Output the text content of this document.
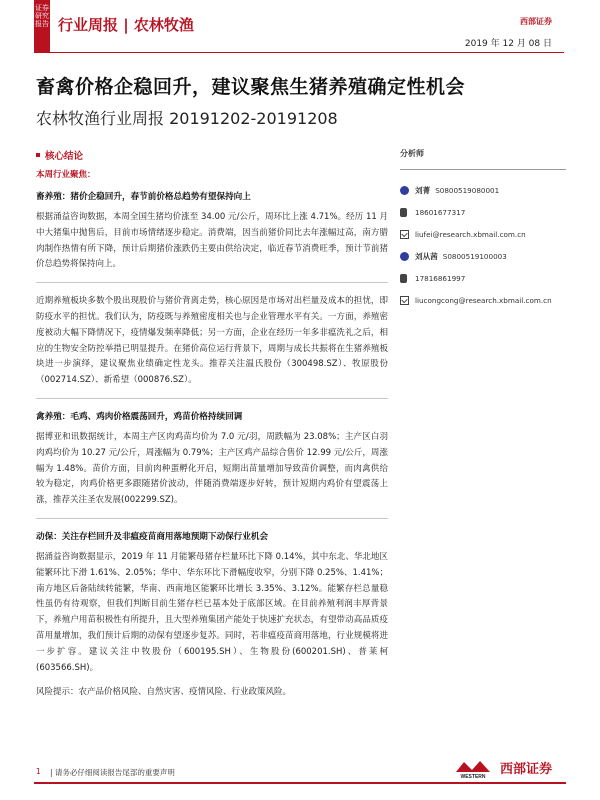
证券
研究
报告 行业周报 | 农林牧渔	西部证券
2019 年 12 月 08 日
畜禽价格企稳回升，建议聚焦生猪养殖确定性机会
农林牧渔行业周报 20191202-20191208
核心结论
本周行业聚焦：
畜养殖：猪价企稳回升，春节前价格总趋势有望保持向上
根据涌益咨询数据，本周全国生猪均价涨至 34.00 元/公斤，周环比上涨 4.71%。经历 11 月中大猪集中抛售后，目前市场情绪逐步稳定。消费端，因当前猪价同比去年涨幅过高，南方腊肉制作热情有所下降，预计后期猪价涨跌仍主要由供给决定，临近春节消费旺季，预计节前猪价总趋势将保持向上。
近期养殖板块多数个股出现股价与猪价背离走势，核心原因是市场对出栏量及成本的担忧，即防疫水平的担忧。我们认为，防疫既与养殖密度相关也与企业管理水平有关。一方面，养殖密度被动大幅下降情况下，疫情爆发频率降低；另一方面，企业在经历一年多非瘟洗礼之后，相应的生物安全防控举措已明显提升。在猪价高位运行背景下，周期与成长共振将在生猪养殖板块进一步演绎，建议聚焦业绩确定性龙头。推荐关注温氏股份（300498.SZ）、牧原股份（002714.SZ）、新希望（000876.SZ）。
禽养殖：毛鸡、鸡肉价格震荡回升，鸡苗价格持续回调
据博亚和讯数据统计，本周主产区肉鸡苗均价为 7.0 元/羽，周跌幅为 23.08%；主产区白羽肉鸡均价为 10.27 元/公斤，周涨幅为 0.79%；主产区鸡产品综合售价 12.99 元/公斤，周涨幅为 1.48%。苗价方面，目前肉种蛋孵化开启，短期出苗量增加导致苗价调整，而肉禽供给较为稳定，肉鸡价格更多跟随猪价波动，伴随消费端逐步好转，预计短期内鸡价有望震荡上涨，推荐关注圣农发展(002299.SZ)。
动保：关注存栏回升及非瘟疫苗商用落地预期下动保行业机会
据涌益咨询数据显示，2019 年 11 月能繁母猪存栏量环比下降 0.14%，其中东北、华北地区能繁环比下滑 1.61%、2.05%；华中、华东环比下滑幅度收窄，分别下降 0.25%、1.41%；南方地区后备陆续转能繁，华南、西南地区能繁环比增长 3.35%、3.12%。能繁存栏总量稳性虽仍有待观察，但我们判断目前生猪存栏已基本处于底部区域。在目前养殖利润丰厚背景下，养殖户用苗积极性有所提升，且大型养殖集团产能处于快速扩充状态，有望带动高品质疫苗用量增加，我们预计后期的动保有望逐步复苏。同时，若非瘟疫苗商用落地，行业规模将进一步扩容。建议关注中牧股份（600195.SH）、生物股份(600201.SH)、普莱柯(603566.SH)。
风险提示：农产品价格风险、自然灾害、疫情风险、行业政策风险。
分析师
刘菁 S0800519080001
18601677317
liufei@research.xbmail.com.cn
刘从茜 S0800519100003
17816861997
liucongcong@research.xbmail.com.cn
1 | 请务必仔细阅读报告尾部的重要声明	WESTERN 西部证券
